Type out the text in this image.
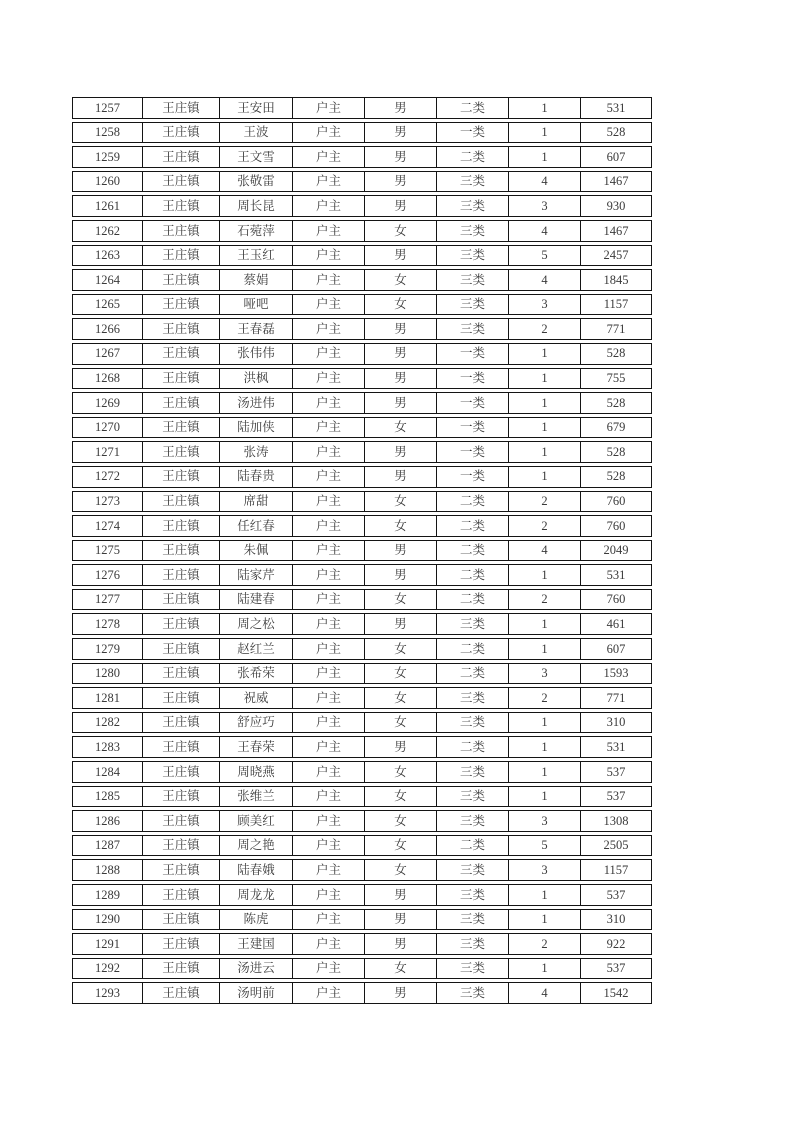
1257	王庄镇	王安田	户主	男	二类	1	531
1258	王庄镇	王波	户主	男	一类	1	528
1259	王庄镇	王文雪	户主	男	二类	1	607
1260	王庄镇	张敬雷	户主	男	三类	4	1467
1261	王庄镇	周长昆	户主	男	三类	3	930
1262	王庄镇	石菀萍	户主	女	三类	4	1467
1263	王庄镇	王玉红	户主	男	三类	5	2457
1264	王庄镇	蔡娟	户主	女	三类	4	1845
1265	王庄镇	哑吧	户主	女	三类	3	1157
1266	王庄镇	王春磊	户主	男	三类	2	771
1267	王庄镇	张伟伟	户主	男	一类	1	528
1268	王庄镇	洪枫	户主	男	一类	1	755
1269	王庄镇	汤进伟	户主	男	一类	1	528
1270	王庄镇	陆加侠	户主	女	一类	1	679
1271	王庄镇	张涛	户主	男	一类	1	528
1272	王庄镇	陆春贵	户主	男	一类	1	528
1273	王庄镇	席甜	户主	女	二类	2	760
1274	王庄镇	任红春	户主	女	二类	2	760
1275	王庄镇	朱佩	户主	男	二类	4	2049
1276	王庄镇	陆家芹	户主	男	二类	1	531
1277	王庄镇	陆建春	户主	女	二类	2	760
1278	王庄镇	周之松	户主	男	三类	1	461
1279	王庄镇	赵红兰	户主	女	二类	1	607
1280	王庄镇	张希荣	户主	女	二类	3	1593
1281	王庄镇	祝威	户主	女	三类	2	771
1282	王庄镇	舒应巧	户主	女	三类	1	310
1283	王庄镇	王春荣	户主	男	二类	1	531
1284	王庄镇	周晓燕	户主	女	三类	1	537
1285	王庄镇	张维兰	户主	女	三类	1	537
1286	王庄镇	顾美红	户主	女	三类	3	1308
1287	王庄镇	周之艳	户主	女	二类	5	2505
1288	王庄镇	陆春娥	户主	女	三类	3	1157
1289	王庄镇	周龙龙	户主	男	三类	1	537
1290	王庄镇	陈虎	户主	男	三类	1	310
1291	王庄镇	王建国	户主	男	三类	2	922
1292	王庄镇	汤进云	户主	女	三类	1	537
1293	王庄镇	汤明前	户主	男	三类	4	1542
